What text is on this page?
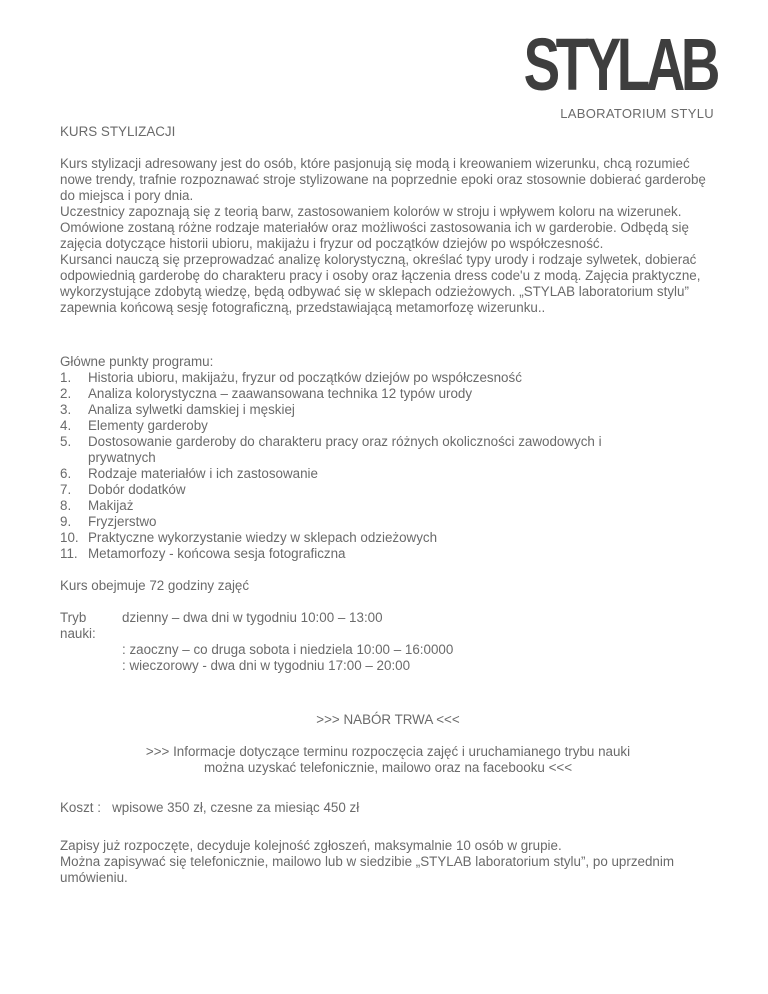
STYLAB
LABORATORIUM STYLU

KURS STYLIZACJI

Kurs stylizacji adresowany jest do osób, które pasjonują się modą i kreowaniem wizerunku, chcą rozumieć nowe trendy, trafnie rozpoznawać stroje stylizowane na poprzednie epoki oraz stosownie dobierać garderobę do miejsca i pory dnia.

Uczestnicy zapoznają się z teorią barw, zastosowaniem kolorów w stroju i wpływem koloru na wizerunek. Omówione zostaną różne rodzaje materiałów oraz możliwości zastosowania ich w garderobie. Odbędą się zajęcia dotyczące historii ubioru, makijażu i fryzur od początków dziejów po współczesność.

Kursanci nauczą się przeprowadzać analizę kolorystyczną, określać typy urody i rodzaje sylwetek, dobierać odpowiednią garderobę do charakteru pracy i osoby oraz łączenia dress code'u z modą. Zajęcia praktyczne, wykorzystujące zdobytą wiedzę, będą odbywać się w sklepach odzieżowych. „STYLAB laboratorium stylu” zapewnia końcową sesję fotograficzną, przedstawiającą metamorfozę wizerunku..

Główne punkty programu:

1. Historia ubioru, makijażu, fryzur od początków dziejów po współczesność
2. Analiza kolorystyczna – zaawansowana technika 12 typów urody
3. Analiza sylwetki damskiej i męskiej
4. Elementy garderoby
5. Dostosowanie garderoby do charakteru pracy oraz różnych okoliczności zawodowych i prywatnych
6. Rodzaje materiałów i ich zastosowanie
7. Dobór dodatków
8. Makijaż
9. Fryzjerstwo
10. Praktyczne wykorzystanie wiedzy w sklepach odzieżowych
11. Metamorfozy - końcowa sesja fotograficzna

Kurs obejmuje 72 godziny zajęć

Tryb nauki:
dzienny – dwa dni w tygodniu 10:00 – 13:00

: zaoczny – co druga sobota i niedziela 10:00 – 16:0000

: wieczorowy - dwa dni w tygodniu 17:00 – 20:00

>>> NABÓR TRWA <<<

>>> Informacje dotyczące terminu rozpoczęcia zajęć i uruchamianego trybu nauki

można uzyskać telefonicznie, mailowo oraz na facebooku <<<

Koszt :   wpisowe 350 zł, czesne za miesiąc 450 zł

Zapisy już rozpoczęte, decyduje kolejność zgłoszeń, maksymalnie 10 osób w grupie.

Można zapisywać się telefonicznie, mailowo lub w siedzibie „STYLAB laboratorium stylu”, po uprzednim umówieniu.
